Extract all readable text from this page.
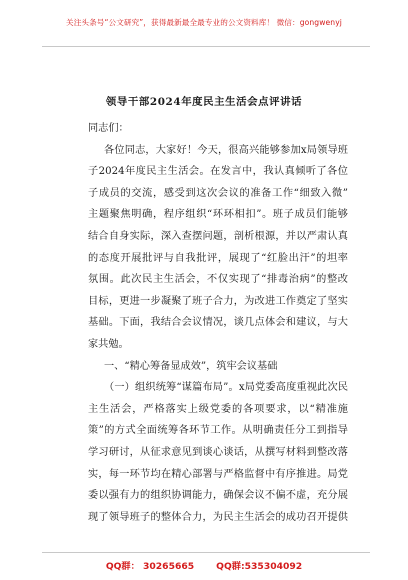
关注头条号“公文研究”，获得最新最全最专业的公文资料库！ 微信：gongwenyj
领导干部2024年度民主生活会点评讲话
同志们：
各位同志，大家好！今天，很高兴能够参加x局领导班
子2024年度民主生活会。在发言中，我认真倾听了各位
子成员的交流，感受到这次会议的准备工作“细致入微”
主题聚焦明确，程序组织“环环相扣”。班子成员们能够
结合自身实际，深入查摆问题，剖析根源，并以严肃认真
的态度开展批评与自我批评，展现了“红脸出汗”的坦率
氛围。此次民主生活会，不仅实现了“排毒治病”的整改
目标，更进一步凝聚了班子合力，为改进工作奠定了坚实
基础。下面，我结合会议情况，谈几点体会和建议，与大
家共勉。
一、“精心筹备显成效”，筑牢会议基础
（一）组织统筹“谋篇布局”。x局党委高度重视此次民
主生活会，严格落实上级党委的各项要求，以“精准施
策”的方式全面统筹各环节工作。从明确责任分工到指导
学习研讨，从征求意见到谈心谈话，从撰写材料到整改落
实，每一环节均在精心部署与严格监督中有序推进。局党
委以强有力的组织协调能力，确保会议不偏不虚，充分展
现了领导班子的整体合力，为民主生活会的成功召开提供
QQ群： 30265665 QQ群:535304092
